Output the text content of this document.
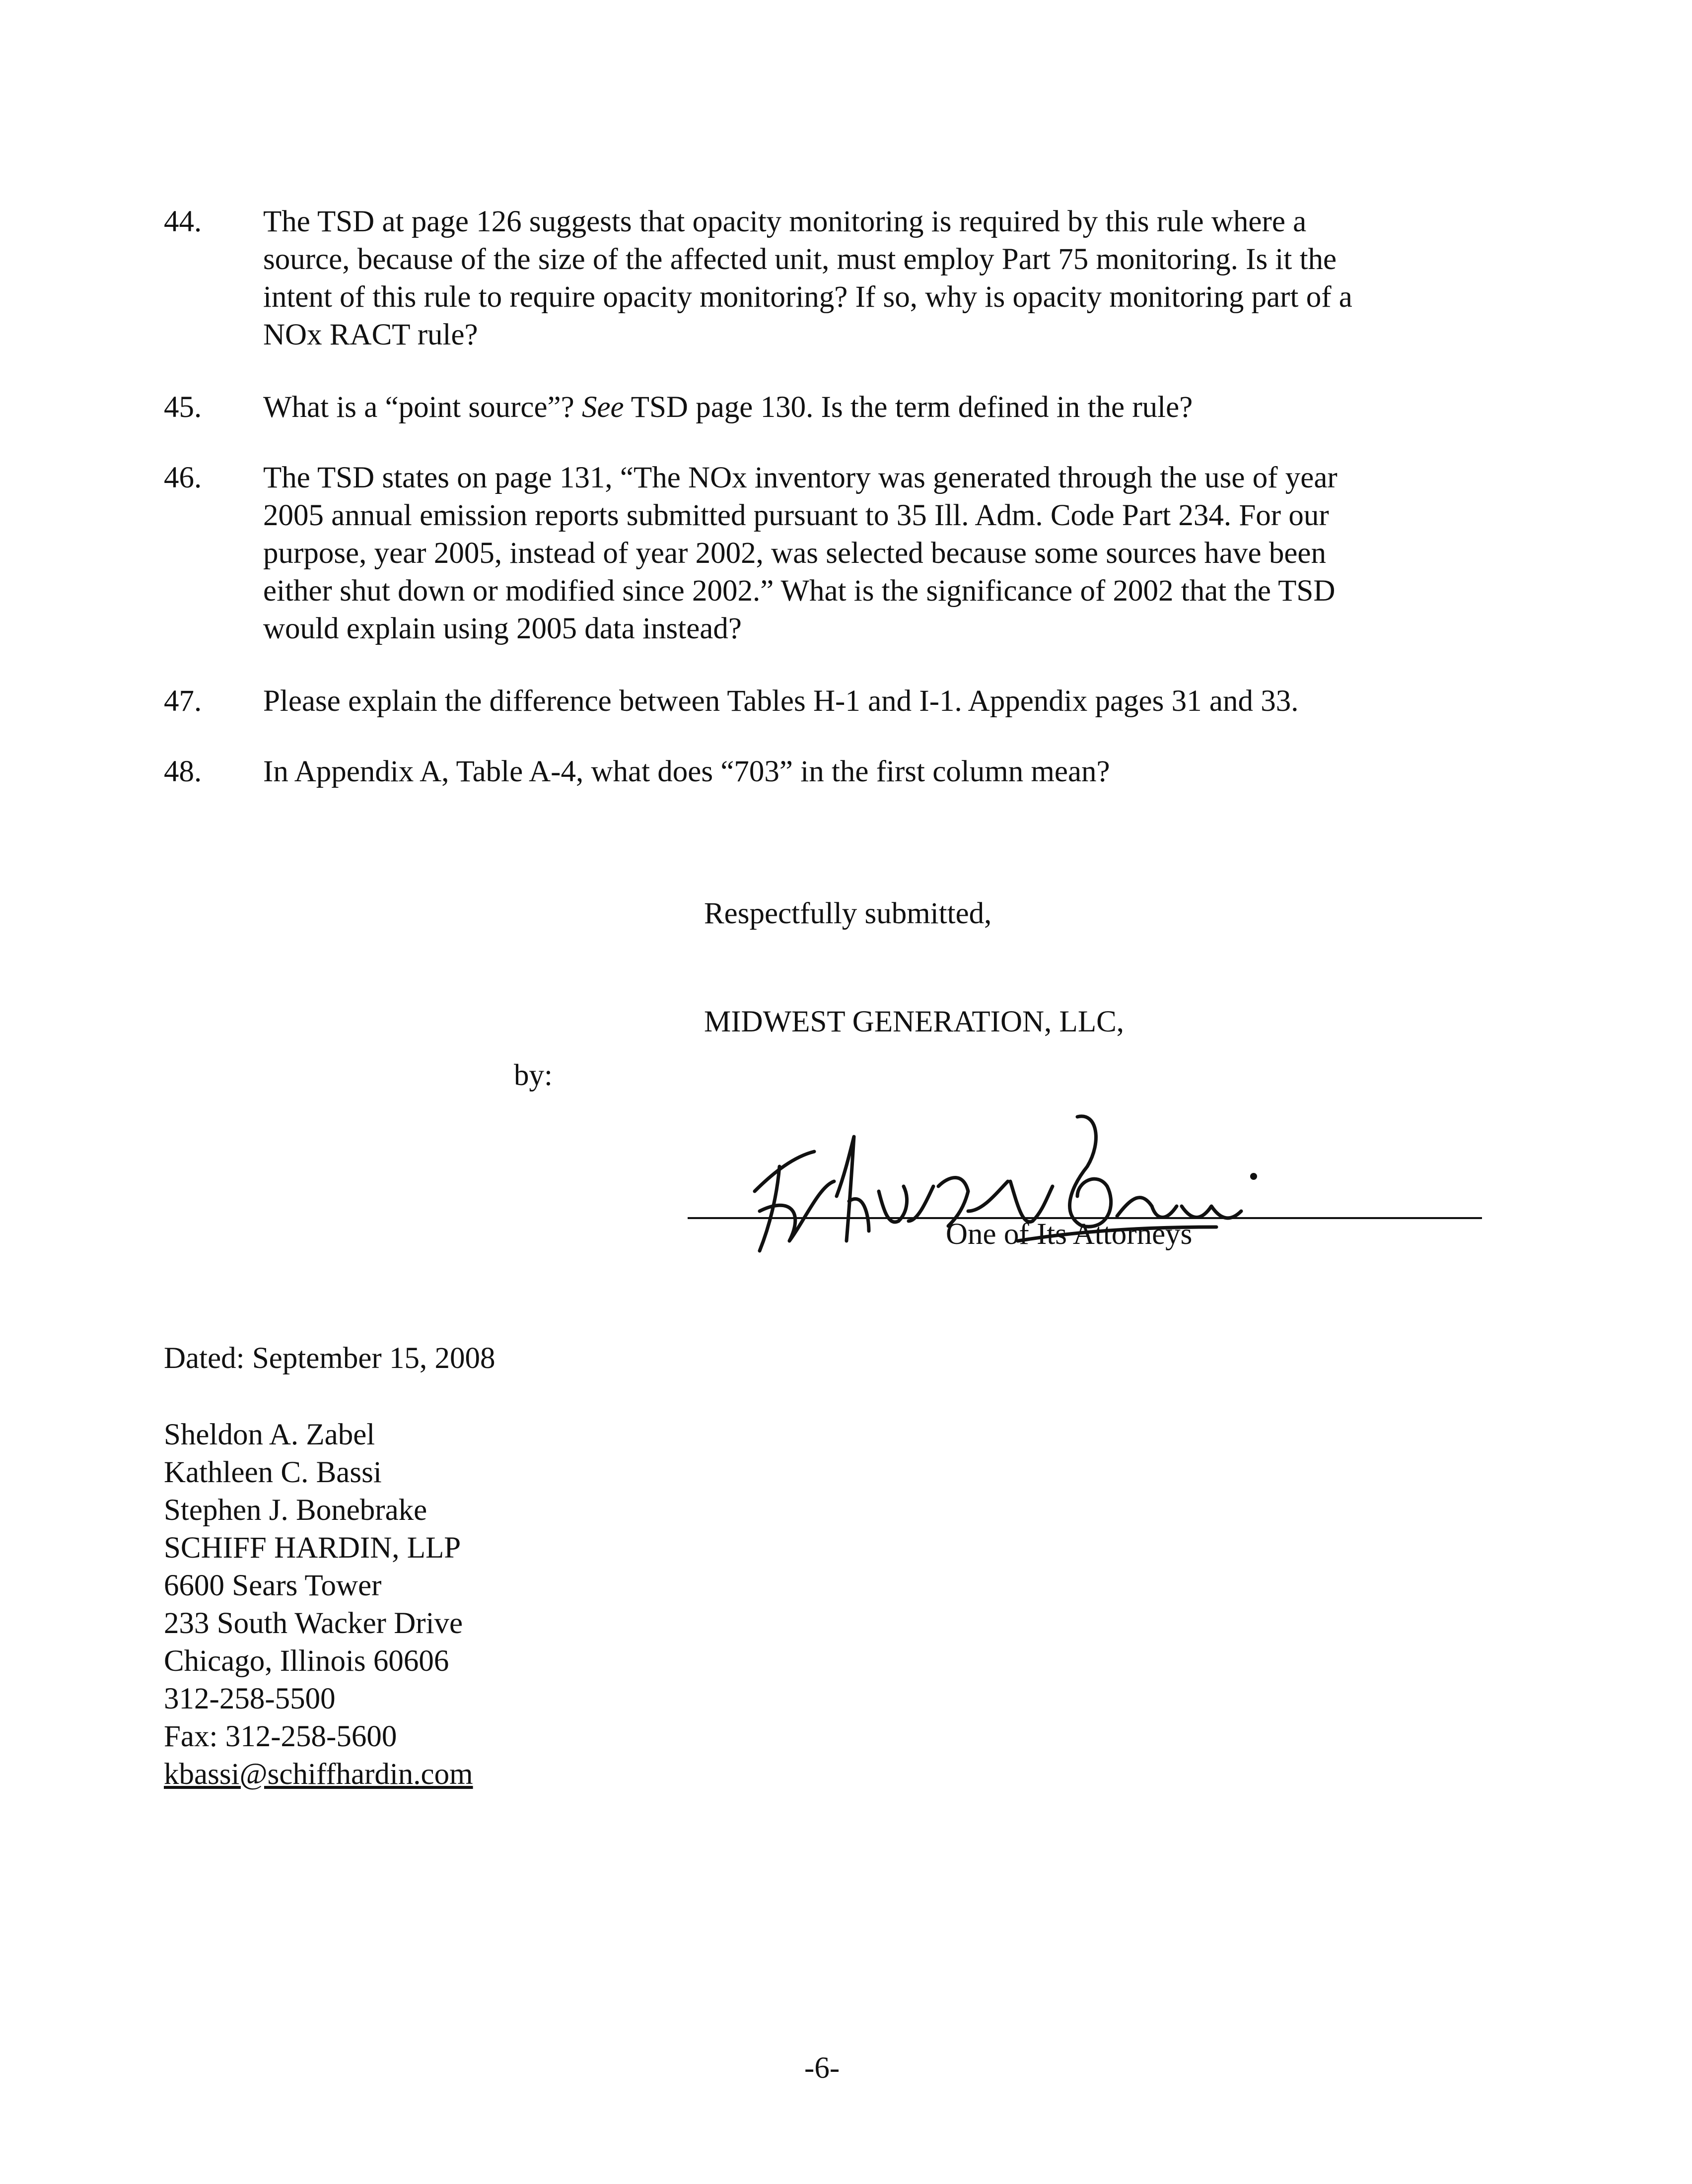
44. The TSD at page 126 suggests that opacity monitoring is required by this rule where a
source, because of the size of the affected unit, must employ Part 75 monitoring. Is it the
intent of this rule to require opacity monitoring? If so, why is opacity monitoring part of a
NOx RACT rule?
45. What is a “point source”? See TSD page 130. Is the term defined in the rule?
46. The TSD states on page 131, “The NOx inventory was generated through the use of year
2005 annual emission reports submitted pursuant to 35 Ill. Adm. Code Part 234. For our
purpose, year 2005, instead of year 2002, was selected because some sources have been
either shut down or modified since 2002.” What is the significance of 2002 that the TSD
would explain using 2005 data instead?
47. Please explain the difference between Tables H-1 and I-1. Appendix pages 31 and 33.
48. In Appendix A, Table A-4, what does “703” in the first column mean?
Respectfully submitted,
MIDWEST GENERATION, LLC,
by:
One of Its Attorneys
Dated: September 15, 2008
Sheldon A. Zabel
Kathleen C. Bassi
Stephen J. Bonebrake
SCHIFF HARDIN, LLP
6600 Sears Tower
233 South Wacker Drive
Chicago, Illinois 60606
312-258-5500
Fax: 312-258-5600
kbassi@schiffhardin.com
-6-
